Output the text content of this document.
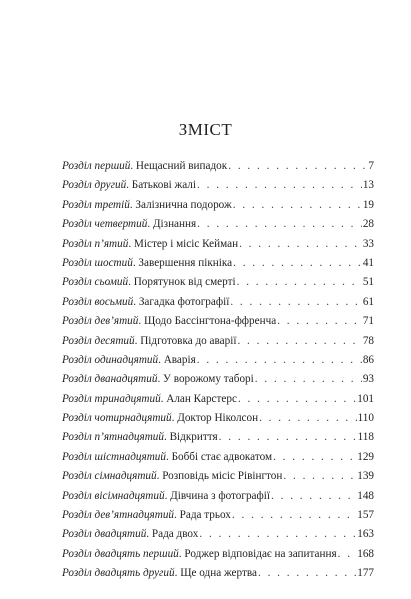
ЗМІСТ
Розділ перший. Нещасний випадок . . .	7
Розділ другий. Батькові жалі . . .	13
Розділ третій. Залізнична подорож . . .	19
Розділ четвертий. Дізнання . . .	28
Розділ п’ятий. Містер і місіс Кейман . . .	33
Розділ шостий. Завершення пікніка . . .	41
Розділ сьомий. Порятунок від смерті . . .	51
Розділ восьмий. Загадка фотографії . . .	61
Розділ дев’ятий. Щодо Бассінгтона-ффренча . . .	71
Розділ десятий. Підготовка до аварії . . .	78
Розділ одинадцятий. Аварія . . .	86
Розділ дванадцятий. У ворожому таборі . . .	93
Розділ тринадцятий. Алан Карстерс . . .	101
Розділ чотирнадцятий. Доктор Ніколсон . . .	110
Розділ п’ятнадцятий. Відкриття . . .	118
Розділ шістнадцятий. Боббі стає адвокатом . . .	129
Розділ сімнадцятий. Розповідь місіс Рівінгтон . . .	139
Розділ вісімнадцятий. Дівчина з фотографії . . .	148
Розділ дев’ятнадцятий. Рада трьох . . .	157
Розділ двадцятий. Рада двох . . .	163
Розділ двадцять перший. Роджер відповідає на запитання . . . 168
Розділ двадцять другий. Ще одна жертва . . .	177
